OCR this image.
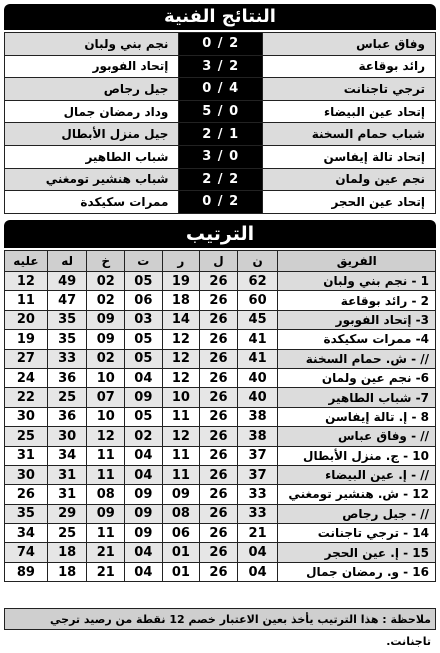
النتائج الفنية
وفاق عباس	2 / 0	نجم بني ولبان
رائد بوقاعة	2 / 3	إتحاد الفوبور
ترجي تاجنانت	4 / 0	جيل رجاص
إتحاد عين البيضاء	0 / 5	وداد رمضان جمال
شباب حمام السخنة	1 / 2	جيل منزل الأبطال
إتحاد تالة إيفاسن	0 / 3	شباب الطاهير
نجم عين ولمان	2 / 2	شباب هنشير تومغني
إتحاد عين الحجر	2 / 0	ممرات سكيكدة
الترتيب
الفريق	ن	ل	ر	ت	خ	له	عليه
1 - نجم بني ولبان	62	26	19	05	02	49	12
2 - رائد بوقاعة	60	26	18	06	02	47	11
3- إتحاد الفوبور	45	26	14	03	09	35	20
4- ممرات سكيكدة	41	26	12	05	09	35	19
// - ش. حمام السخنة	41	26	12	05	02	33	27
6- نجم عين ولمان	40	26	12	04	10	36	24
7- شباب الطاهير	40	26	10	09	07	25	22
8 - إ. تالة إيفاسن	38	26	11	05	10	36	30
// - وفاق عباس	38	26	12	02	12	30	25
10 - ج. منزل الأبطال	37	26	11	04	11	34	31
// - إ. عين البيضاء	37	26	11	04	11	31	30
12 - ش. هنشير تومغني	33	26	09	09	08	31	26
// - جيل رجاص	33	26	08	09	09	29	35
14 - ترجي تاجنانت	21	26	06	09	11	25	34
15 - إ. عين الحجر	04	26	01	04	21	18	74
16 - و. رمضان جمال	04	26	01	04	21	18	89
ملاحظة : هذا الترتيب يأخذ بعين الاعتبار خصم 12 نقطة من رصيد ترجي تاجنانت.
